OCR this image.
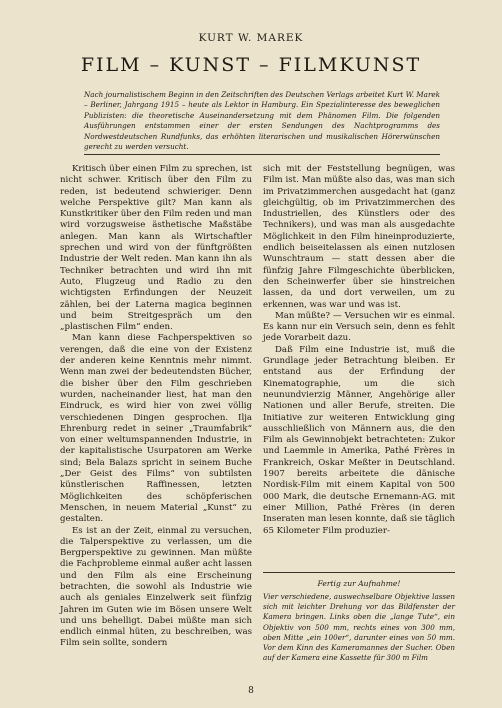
KURT W. MAREK
FILM – KUNST – FILMKUNST
Nach journalistischem Beginn in den Zeitschriften des Deutschen Verlags arbeitet Kurt W. Marek – Berliner, Jahrgang 1915 – heute als Lektor in Hamburg. Ein Spezialinteresse des beweglichen Publizisten: die theoretische Auseinandersetzung mit dem Phänomen Film. Die folgenden Ausführungen entstammen einer der ersten Sendungen des Nachtprogramms des Nordwestdeutschen Rundfunks, das erhöhten literarischen und musikalischen Hörerwünschen gerecht zu werden versucht.

Kritisch über einen Film zu sprechen, ist nicht schwer. Kritisch über den Film zu reden, ist bedeutend schwieriger. Denn welche Perspektive gilt? Man kann als Kunstkritiker über den Film reden und man wird vorzugsweise ästhetische Maßstäbe anlegen. Man kann als Wirtschaftler sprechen und wird von der fünftgrößten Industrie der Welt reden. Man kann ihn als Techniker betrachten und wird ihn mit Auto, Flugzeug und Radio zu den wichtigsten Erfindungen der Neuzeit zählen, bei der Laterna magica beginnen und beim Streitgespräch um den „plastischen Film“ enden.

Man kann diese Fachperspektiven so verengen, daß die eine von der Existenz der anderen keine Kenntnis mehr nimmt. Wenn man zwei der bedeutendsten Bücher, die bisher über den Film geschrieben wurden, nacheinander liest, hat man den Eindruck, es wird hier von zwei völlig verschiedenen Dingen gesprochen. Ilja Ehrenburg redet in seiner „Traumfabrik“ von einer weltumspannenden Industrie, in der kapitalistische Usurpatoren am Werke sind; Bela Balazs spricht in seinem Buche „Der Geist des Films“ von subtilsten künstlerischen Raffinessen, letzten Möglichkeiten des schöpferischen Menschen, in neuem Material „Kunst“ zu gestalten.

Es ist an der Zeit, einmal zu versuchen, die Talperspektive zu verlassen, um die Bergperspektive zu gewinnen. Man müßte die Fachprobleme einmal außer acht lassen und den Film als eine Erscheinung betrachten, die sowohl als Industrie wie auch als geniales Einzelwerk seit fünfzig Jahren im Guten wie im Bösen unsere Welt und uns behelligt. Dabei müßte man sich endlich einmal hüten, zu beschreiben, was Film sein sollte, sondern

sich mit der Feststellung begnügen, was Film ist. Man müßte also das, was man sich im Privatzimmerchen ausgedacht hat (ganz gleichgültig, ob im Privatzimmerchen des Industriellen, des Künstlers oder des Technikers), und was man als ausgedachte Möglichkeit in den Film hineinproduzierte, endlich beiseitelassen als einen nutzlosen Wunschtraum — statt dessen aber die fünfzig Jahre Filmgeschichte überblicken, den Scheinwerfer über sie hinstreichen lassen, da und dort verweilen, um zu erkennen, was war und was ist.

Man müßte? — Versuchen wir es einmal. Es kann nur ein Versuch sein, denn es fehlt jede Vorarbeit dazu.

Daß Film eine Industrie ist, muß die Grundlage jeder Betrachtung bleiben. Er entstand aus der Erfindung der Kinematographie, um die sich neunundvierzig Männer, Angehörige aller Nationen und aller Berufe, streiten. Die Initiative zur weiteren Entwicklung ging ausschließlich von Männern aus, die den Film als Gewinnobjekt betrachteten: Zukor und Laemmle in Amerika, Pathé Frères in Frankreich, Oskar Meßter in Deutschland. 1907 bereits arbeitete die dänische Nordisk-Film mit einem Kapital von 500 000 Mark, die deutsche Ernemann-AG. mit einer Million, Pathé Frères (in deren Inseraten man lesen konnte, daß sie täglich 65 Kilometer Film produzier-

Fertig zur Aufnahme!
Vier verschiedene, auswechselbare Objektive lassen sich mit leichter Drehung vor das Bildfenster der Kamera bringen. Links oben die „lange Tute“, ein Objektiv von 500 mm, rechts eines von 300 mm, oben Mitte „ein 100er“, darunter eines von 50 mm. Vor dem Kinn des Kameramannes der Sucher. Oben auf der Kamera eine Kassette für 300 m Film
8
